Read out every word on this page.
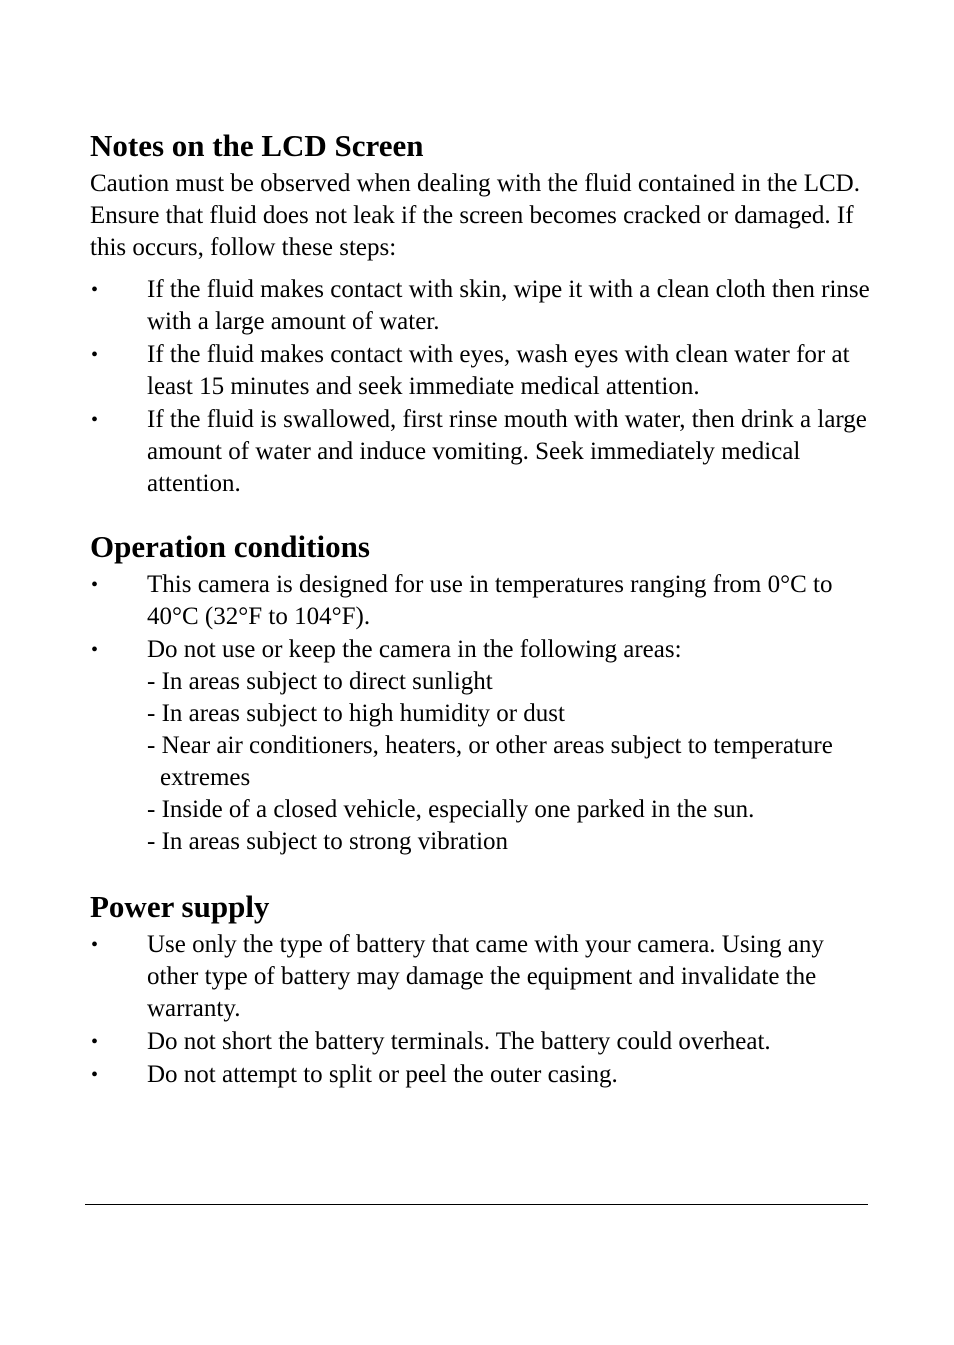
Notes on the LCD Screen

Caution must be observed when dealing with the fluid contained in the LCD. Ensure that fluid does not leak if the screen becomes cracked or damaged. If this occurs, follow these steps:

• If the fluid makes contact with skin, wipe it with a clean cloth then rinse with a large amount of water.
• If the fluid makes contact with eyes, wash eyes with clean water for at least 15 minutes and seek immediate medical attention.
• If the fluid is swallowed, first rinse mouth with water, then drink a large amount of water and induce vomiting. Seek immediately medical attention.
Operation conditions
• This camera is designed for use in temperatures ranging from 0°C to 40°C (32°F to 104°F).
• Do not use or keep the camera in the following areas:
- In areas subject to direct sunlight
- In areas subject to high humidity or dust
- Near air conditioners, heaters, or other areas subject to temperature extremes
- Inside of a closed vehicle, especially one parked in the sun.
- In areas subject to strong vibration
Power supply
• Use only the type of battery that came with your camera. Using any other type of battery may damage the equipment and invalidate the warranty.
• Do not short the battery terminals. The battery could overheat.
• Do not attempt to split or peel the outer casing.
